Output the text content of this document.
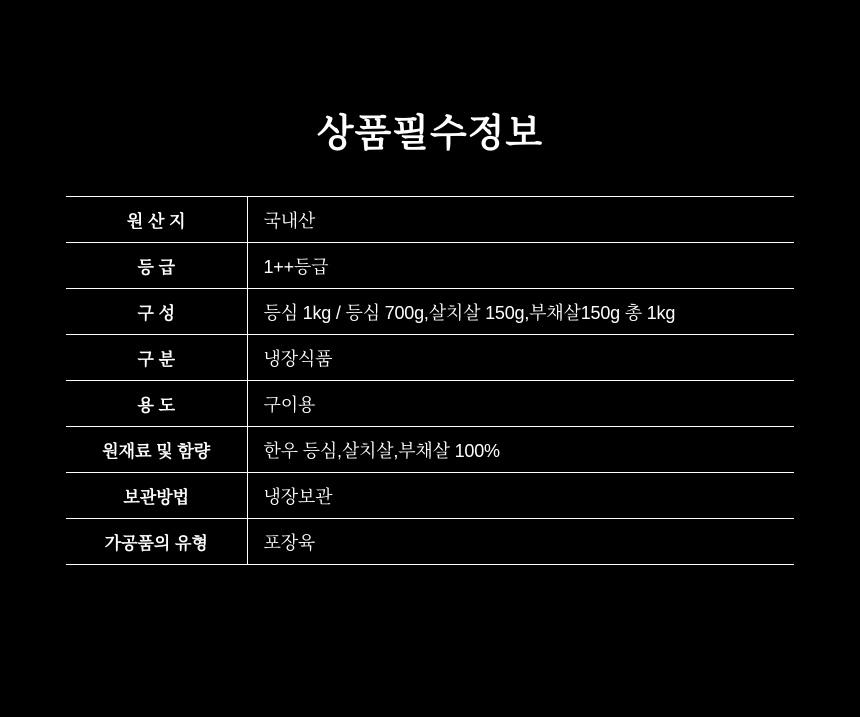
상품필수정보
원 산 지	국내산
등 급	1++등급
구 성	등심 1kg / 등심 700g,살치살 150g,부채살150g 총 1kg
구 분	냉장식품
용 도	구이용
원재료 및 함량	한우 등심,살치살,부채살 100%
보관방법	냉장보관
가공품의 유형	포장육
